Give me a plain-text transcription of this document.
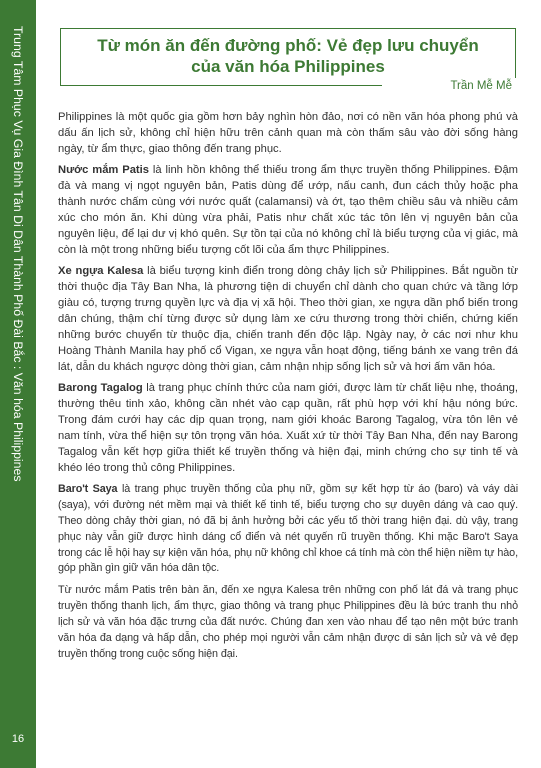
Trung Tâm Phục Vụ Gia Đình Tân Di Dân Thành Phố Đài Bắc : Văn hóa Philippines
16
Từ món ăn đến đường phố: Vẻ đẹp lưu chuyển
của văn hóa Philippines
Trần Mễ Mễ

Philippines là một quốc gia gồm hơn bảy nghìn hòn đảo, nơi có nền văn hóa phong phú và dấu ấn lịch sử, không chỉ hiện hữu trên cảnh quan mà còn thấm sâu vào đời sống hàng ngày, từ ẩm thực, giao thông đến trang phục.

Nước mắm Patis là linh hồn không thể thiếu trong ẩm thực truyền thống Philippines. Đậm đà và mang vị ngọt nguyên bản, Patis dùng để ướp, nấu canh, đun cách thủy hoặc pha thành nước chấm cùng với nước quất (calamansi) và ớt, tạo thêm chiều sâu và nhiều cảm xúc cho món ăn. Khi dùng vừa phải, Patis như chất xúc tác tôn lên vị nguyên bản của nguyên liệu, để lại dư vị khó quên. Sự tồn tại của nó không chỉ là biểu tượng của vị giác, mà còn là một trong những biểu tượng cốt lõi của ẩm thực Philippines.

Xe ngựa Kalesa là biểu tượng kinh điển trong dòng chảy lịch sử Philippines. Bắt nguồn từ thời thuộc địa Tây Ban Nha, là phương tiện di chuyển chỉ dành cho quan chức và tầng lớp giàu có, tượng trưng quyền lực và địa vị xã hội. Theo thời gian, xe ngựa dần phổ biến trong dân chúng, thậm chí từng được sử dụng làm xe cứu thương trong thời chiến, chứng kiến những bước chuyển từ thuộc địa, chiến tranh đến độc lập. Ngày nay, ở các nơi như khu Hoàng Thành Manila hay phố cổ Vigan, xe ngựa vẫn hoạt động, tiếng bánh xe vang trên đá lát, dẫn du khách ngược dòng thời gian, cảm nhận nhịp sống lịch sử và hơi ấm văn hóa.

Barong Tagalog là trang phục chính thức của nam giới, được làm từ chất liệu nhẹ, thoáng, thường thêu tinh xảo, không cần nhét vào cạp quần, rất phù hợp với khí hậu nóng bức. Trong đám cưới hay các dịp quan trọng, nam giới khoác Barong Tagalog, vừa tôn lên vẻ nam tính, vừa thể hiện sự tôn trọng văn hóa. Xuất xứ từ thời Tây Ban Nha, đến nay Barong Tagalog vẫn kết hợp giữa thiết kế truyền thống và hiện đại, minh chứng cho sự tinh tế và khéo léo trong thủ công Philippines.

Baro't Saya là trang phục truyền thống của phụ nữ, gồm sự kết hợp từ áo (baro) và váy dài (saya), với đường nét mềm mại và thiết kế tinh tế, biểu tượng cho sự duyên dáng và cao quý. Theo dòng chảy thời gian, nó đã bị ảnh hưởng bởi các yếu tố thời trang hiện đại. dù vậy, trang phục này vẫn giữ được hình dáng cổ điển và nét quyến rũ truyền thống. Khi mặc Baro't Saya trong các lễ hội hay sự kiện văn hóa, phụ nữ không chỉ khoe cá tính mà còn thể hiện niềm tự hào, góp phần gìn giữ văn hóa dân tộc.

Từ nước mắm Patis trên bàn ăn, đến xe ngựa Kalesa trên những con phố lát đá và trang phục truyền thống thanh lịch, ẩm thực, giao thông và trang phục Philippines đều là bức tranh thu nhỏ lịch sử và văn hóa đặc trưng của đất nước. Chúng đan xen vào nhau để tạo nên một bức tranh văn hóa đa dạng và hấp dẫn, cho phép mọi người vẫn cảm nhận được di sản lịch sử và vẻ đẹp truyền thống trong cuộc sống hiện đại.
